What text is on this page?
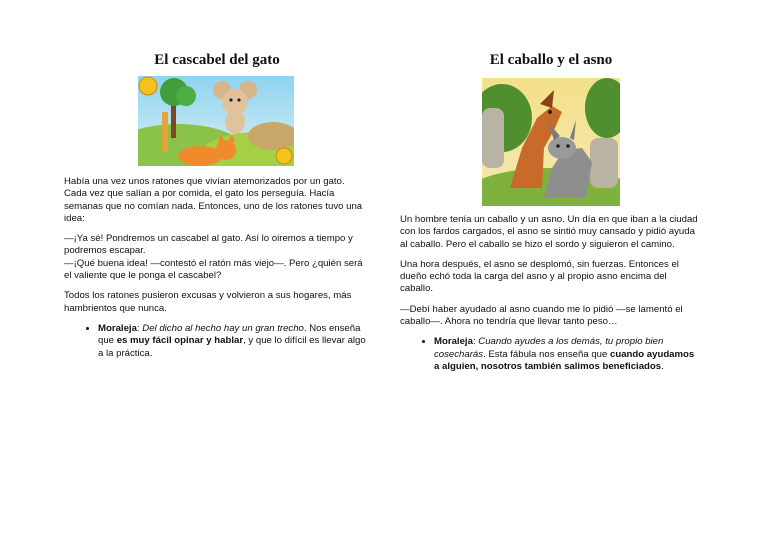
El cascabel del gato

Había una vez unos ratones que vivían atemorizados por un gato. Cada vez que salían a por comida, el gato los perseguía. Hacía semanas que no comían nada. Entonces, uno de los ratones tuvo una idea:

—¡Ya sé! Pondremos un cascabel al gato. Así lo oiremos a tiempo y podremos escapar.

—¡Qué buena idea! —contestó el ratón más viejo—. Pero ¿quién será el valiente que le ponga el cascabel?

Todos los ratones pusieron excusas y volvieron a sus hogares, más hambrientos que nunca.

• Moraleja: Del dicho al hecho hay un gran trecho. Nos enseña que es muy fácil opinar y hablar, y que lo difícil es llevar algo a la práctica.
El caballo y el asno

Un hombre tenía un caballo y un asno. Un día en que iban a la ciudad con los fardos cargados, el asno se sintió muy cansado y pidió ayuda al caballo. Pero el caballo se hizo el sordo y siguieron el camino.

Una hora después, el asno se desplomó, sin fuerzas. Entonces el dueño echó toda la carga del asno y al propio asno encima del caballo.

—Debí haber ayudado al asno cuando me lo pidió —se lamentó el caballo—. Ahora no tendría que llevar tanto peso…

• Moraleja: Cuando ayudes a los demás, tu propio bien cosecharás. Esta fábula nos enseña que cuando ayudamos a alguien, nosotros también salimos beneficiados.
